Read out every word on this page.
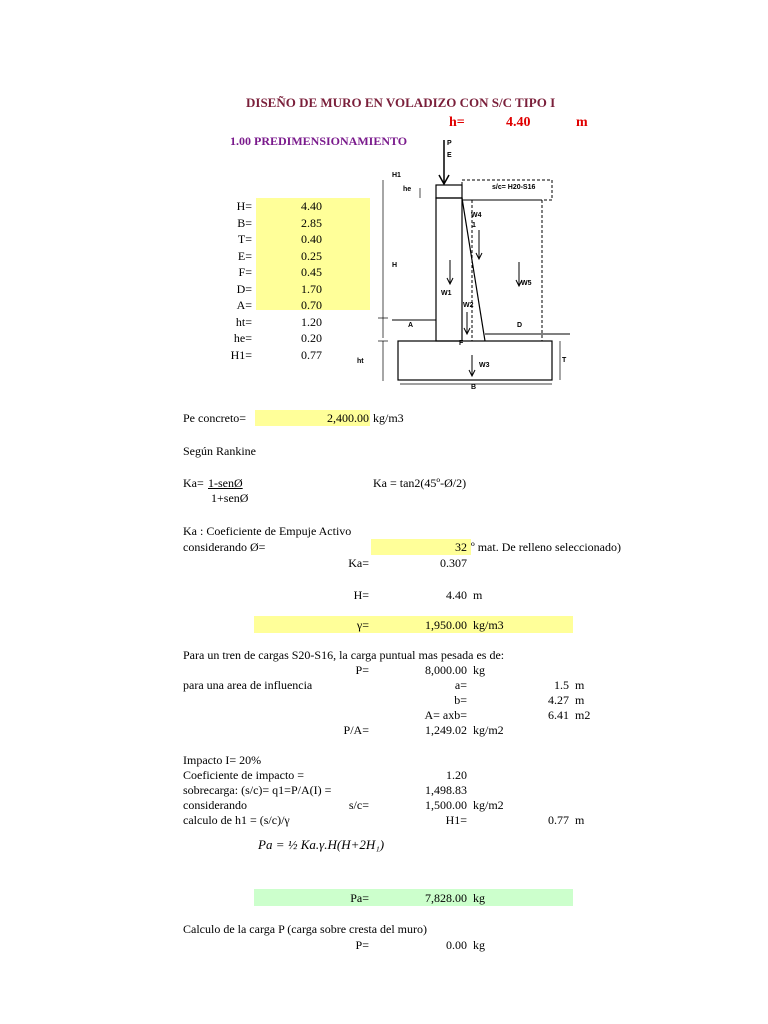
DISEÑO DE MURO EN VOLADIZO CON S/C TIPO I
h=	4.40	m
1.00 PREDIMENSIONAMIENTO
H=	4.40
B=	2.85
T=	0.40
E=	0.25
F=	0.45
D=	1.70
A=	0.70
ht=	1.20
he=	0.20
H1=	0.77
P
E
H1
he	s/c= H20-S16
W4
1
H
W5
W1
W2
A	D
F
ht	T
W3
B
Pe concreto=	2,400.00 kg/m3
Según Rankine
Ka= 1-senØ
1+senØ
Ka = tan2(45º-Ø/2)
Ka : Coeficiente de Empuje Activo
considerando Ø=	32 º mat. De relleno seleccionado)
Ka=	0.307
H=	4.40 m
γ=	1,950.00 kg/m3
Para un tren de cargas S20-S16, la carga puntual mas pesada es de:
P=	8,000.00 kg
para una area de influencia	a=	1.5 m
b=	4.27 m
A= axb=	6.41 m2
P/A=	1,249.02 kg/m2
Impacto I= 20%
Coeficiente de impacto =	1.20
sobrecarga: (s/c)= q1=P/A(I) =	1,498.83
considerando	s/c=	1,500.00 kg/m2
calculo de h1 = (s/c)/γ	H1=	0.77 m
Pa = ½ Ka.γ.H(H+2H₁)
Pa=	7,828.00 kg
Calculo de la carga P (carga sobre cresta del muro)
P=	0.00 kg
